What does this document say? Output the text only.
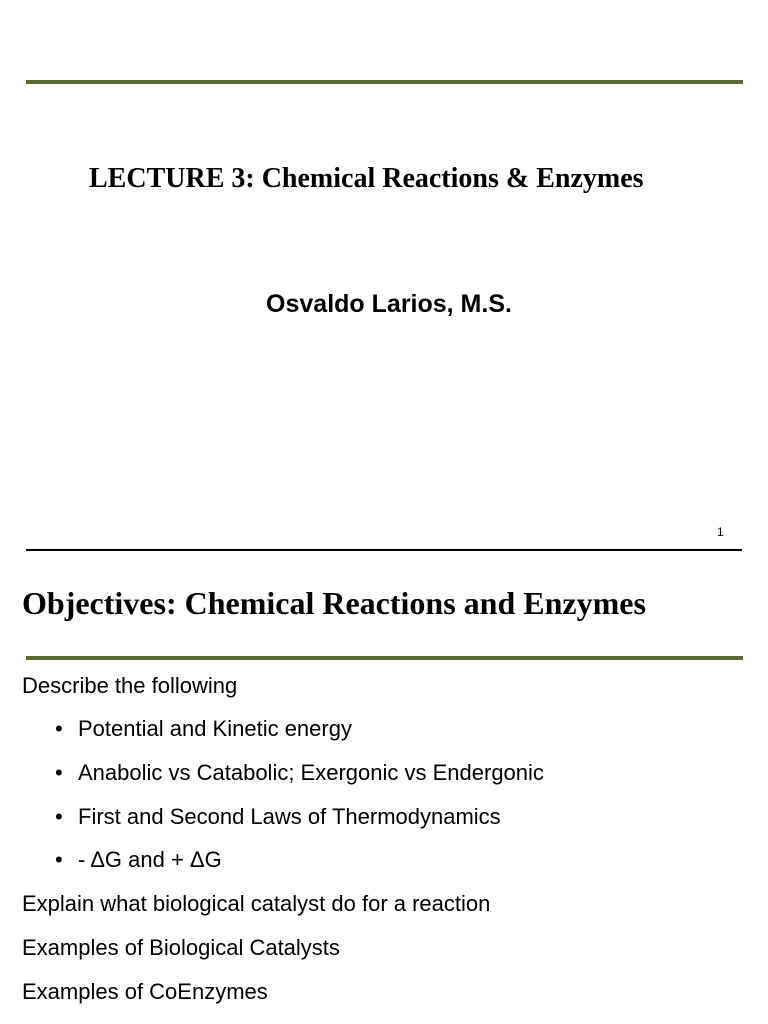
LECTURE 3: Chemical Reactions & Enzymes
Osvaldo Larios, M.S.
1
Objectives: Chemical Reactions and Enzymes
Describe the following
• Potential and Kinetic energy
• Anabolic vs Catabolic; Exergonic vs Endergonic
• First and Second Laws of Thermodynamics
• - ΔG and + ΔG
Explain what biological catalyst do for a reaction
Examples of Biological Catalysts
Examples of CoEnzymes
